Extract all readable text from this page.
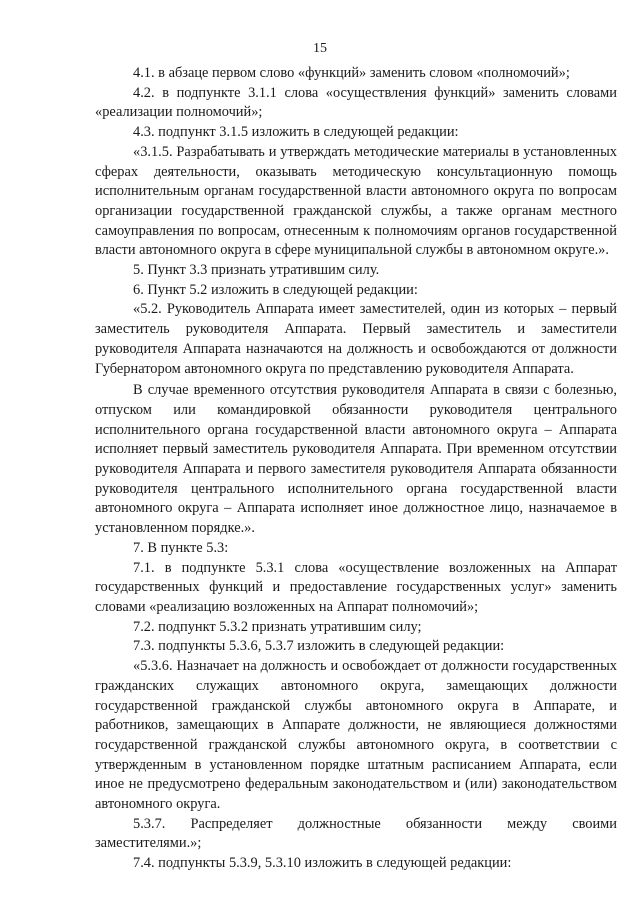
15

4.1. в абзаце первом слово «функций» заменить словом «полномочий»;

4.2. в подпункте 3.1.1 слова «осуществления функций» заменить словами «реализации полномочий»;

4.3. подпункт 3.1.5 изложить в следующей редакции:

«3.1.5. Разрабатывать и утверждать методические материалы в установленных сферах деятельности, оказывать методическую консультационную помощь исполнительным органам государственной власти автономного округа по вопросам организации государственной гражданской службы, а также органам местного самоуправления по вопросам, отнесенным к полномочиям органов государственной власти автономного округа в сфере муниципальной службы в автономном округе.».

5. Пункт 3.3 признать утратившим силу.

6. Пункт 5.2 изложить в следующей редакции:

«5.2. Руководитель Аппарата имеет заместителей, один из которых – первый заместитель руководителя Аппарата. Первый заместитель и заместители руководителя Аппарата назначаются на должность и освобождаются от должности Губернатором автономного округа по представлению руководителя Аппарата.

В случае временного отсутствия руководителя Аппарата в связи с болезнью, отпуском или командировкой обязанности руководителя центрального исполнительного органа государственной власти автономного округа – Аппарата исполняет первый заместитель руководителя Аппарата. При временном отсутствии руководителя Аппарата и первого заместителя руководителя Аппарата обязанности руководителя центрального исполнительного органа государственной власти автономного округа – Аппарата исполняет иное должностное лицо, назначаемое в установленном порядке.».

7. В пункте 5.3:

7.1. в подпункте 5.3.1 слова «осуществление возложенных на Аппарат государственных функций и предоставление государственных услуг» заменить словами «реализацию возложенных на Аппарат полномочий»;

7.2. подпункт 5.3.2 признать утратившим силу;

7.3. подпункты 5.3.6, 5.3.7 изложить в следующей редакции:

«5.3.6. Назначает на должность и освобождает от должности государственных гражданских служащих автономного округа, замещающих должности государственной гражданской службы автономного округа в Аппарате, и работников, замещающих в Аппарате должности, не являющиеся должностями государственной гражданской службы автономного округа, в соответствии с утвержденным в установленном порядке штатным расписанием Аппарата, если иное не предусмотрено федеральным законодательством и (или) законодательством автономного округа.

5.3.7. Распределяет должностные обязанности между своими заместителями.»;

7.4. подпункты 5.3.9, 5.3.10 изложить в следующей редакции:
